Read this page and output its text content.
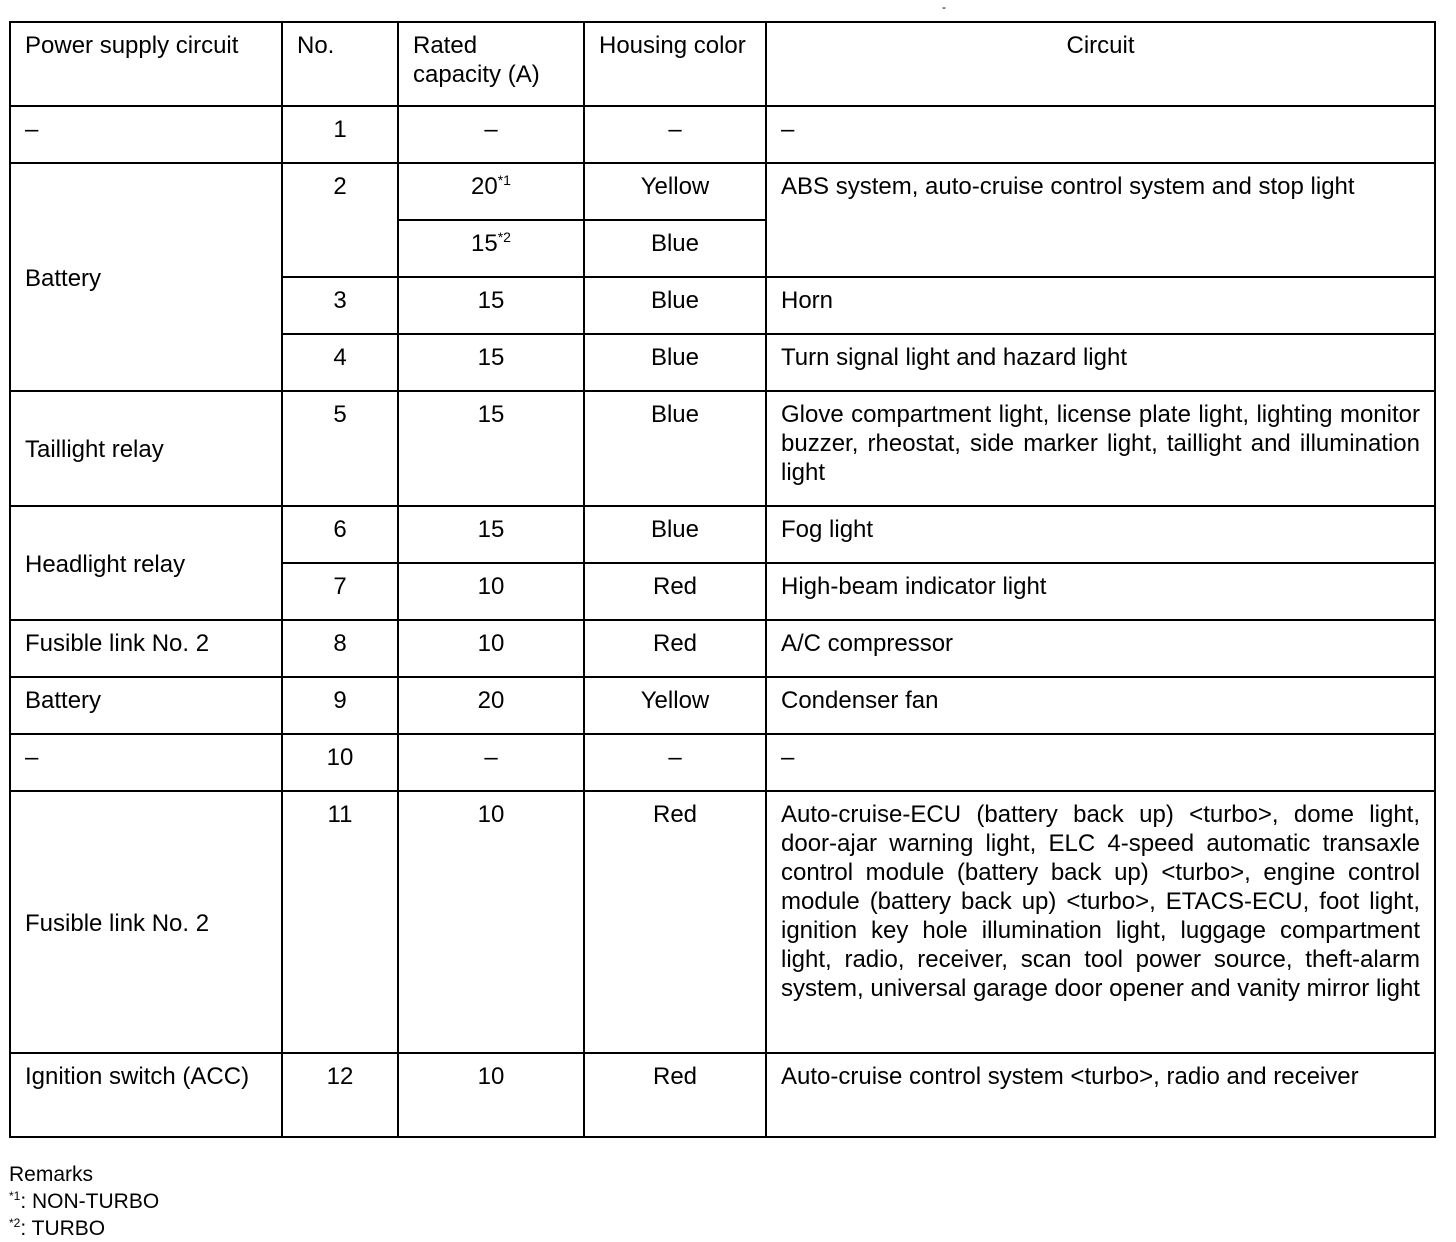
-
Power supply circuit	No.	Rated capacity (A)	Housing color	Circuit
–	1	–	–	–
Battery	2	20$^{*1}$	Yellow	ABS system, auto-cruise control system and stop light
		15$^{*2}$	Blue	
	3	15	Blue	Horn
	4	15	Blue	Turn signal light and hazard light
Taillight relay	5	15	Blue	Glove compartment light, license plate light, lighting monitor buzzer, rheostat, side marker light, taillight and illumination light
Headlight relay	6	15	Blue	Fog light
	7	10	Red	High-beam indicator light
Fusible link No. 2	8	10	Red	A/C compressor
Battery	9	20	Yellow	Condenser fan
–	10	–	–	–
Fusible link No. 2	11	10	Red	Auto-cruise-ECU (battery back up) <turbo>, dome light, door-ajar warning light, ELC 4-speed automatic transaxle control module (battery back up) <turbo>, engine control module (battery back up) <turbo>, ETACS-ECU, foot light, ignition key hole illumination light, luggage compartment light, radio, receiver, scan tool power source, theft-alarm system, universal garage door opener and vanity mirror light
Ignition switch (ACC)	12	10	Red	Auto-cruise control system <turbo>, radio and receiver
Remarks
$^{*1}$: NON-TURBO
$^{*2}$: TURBO
